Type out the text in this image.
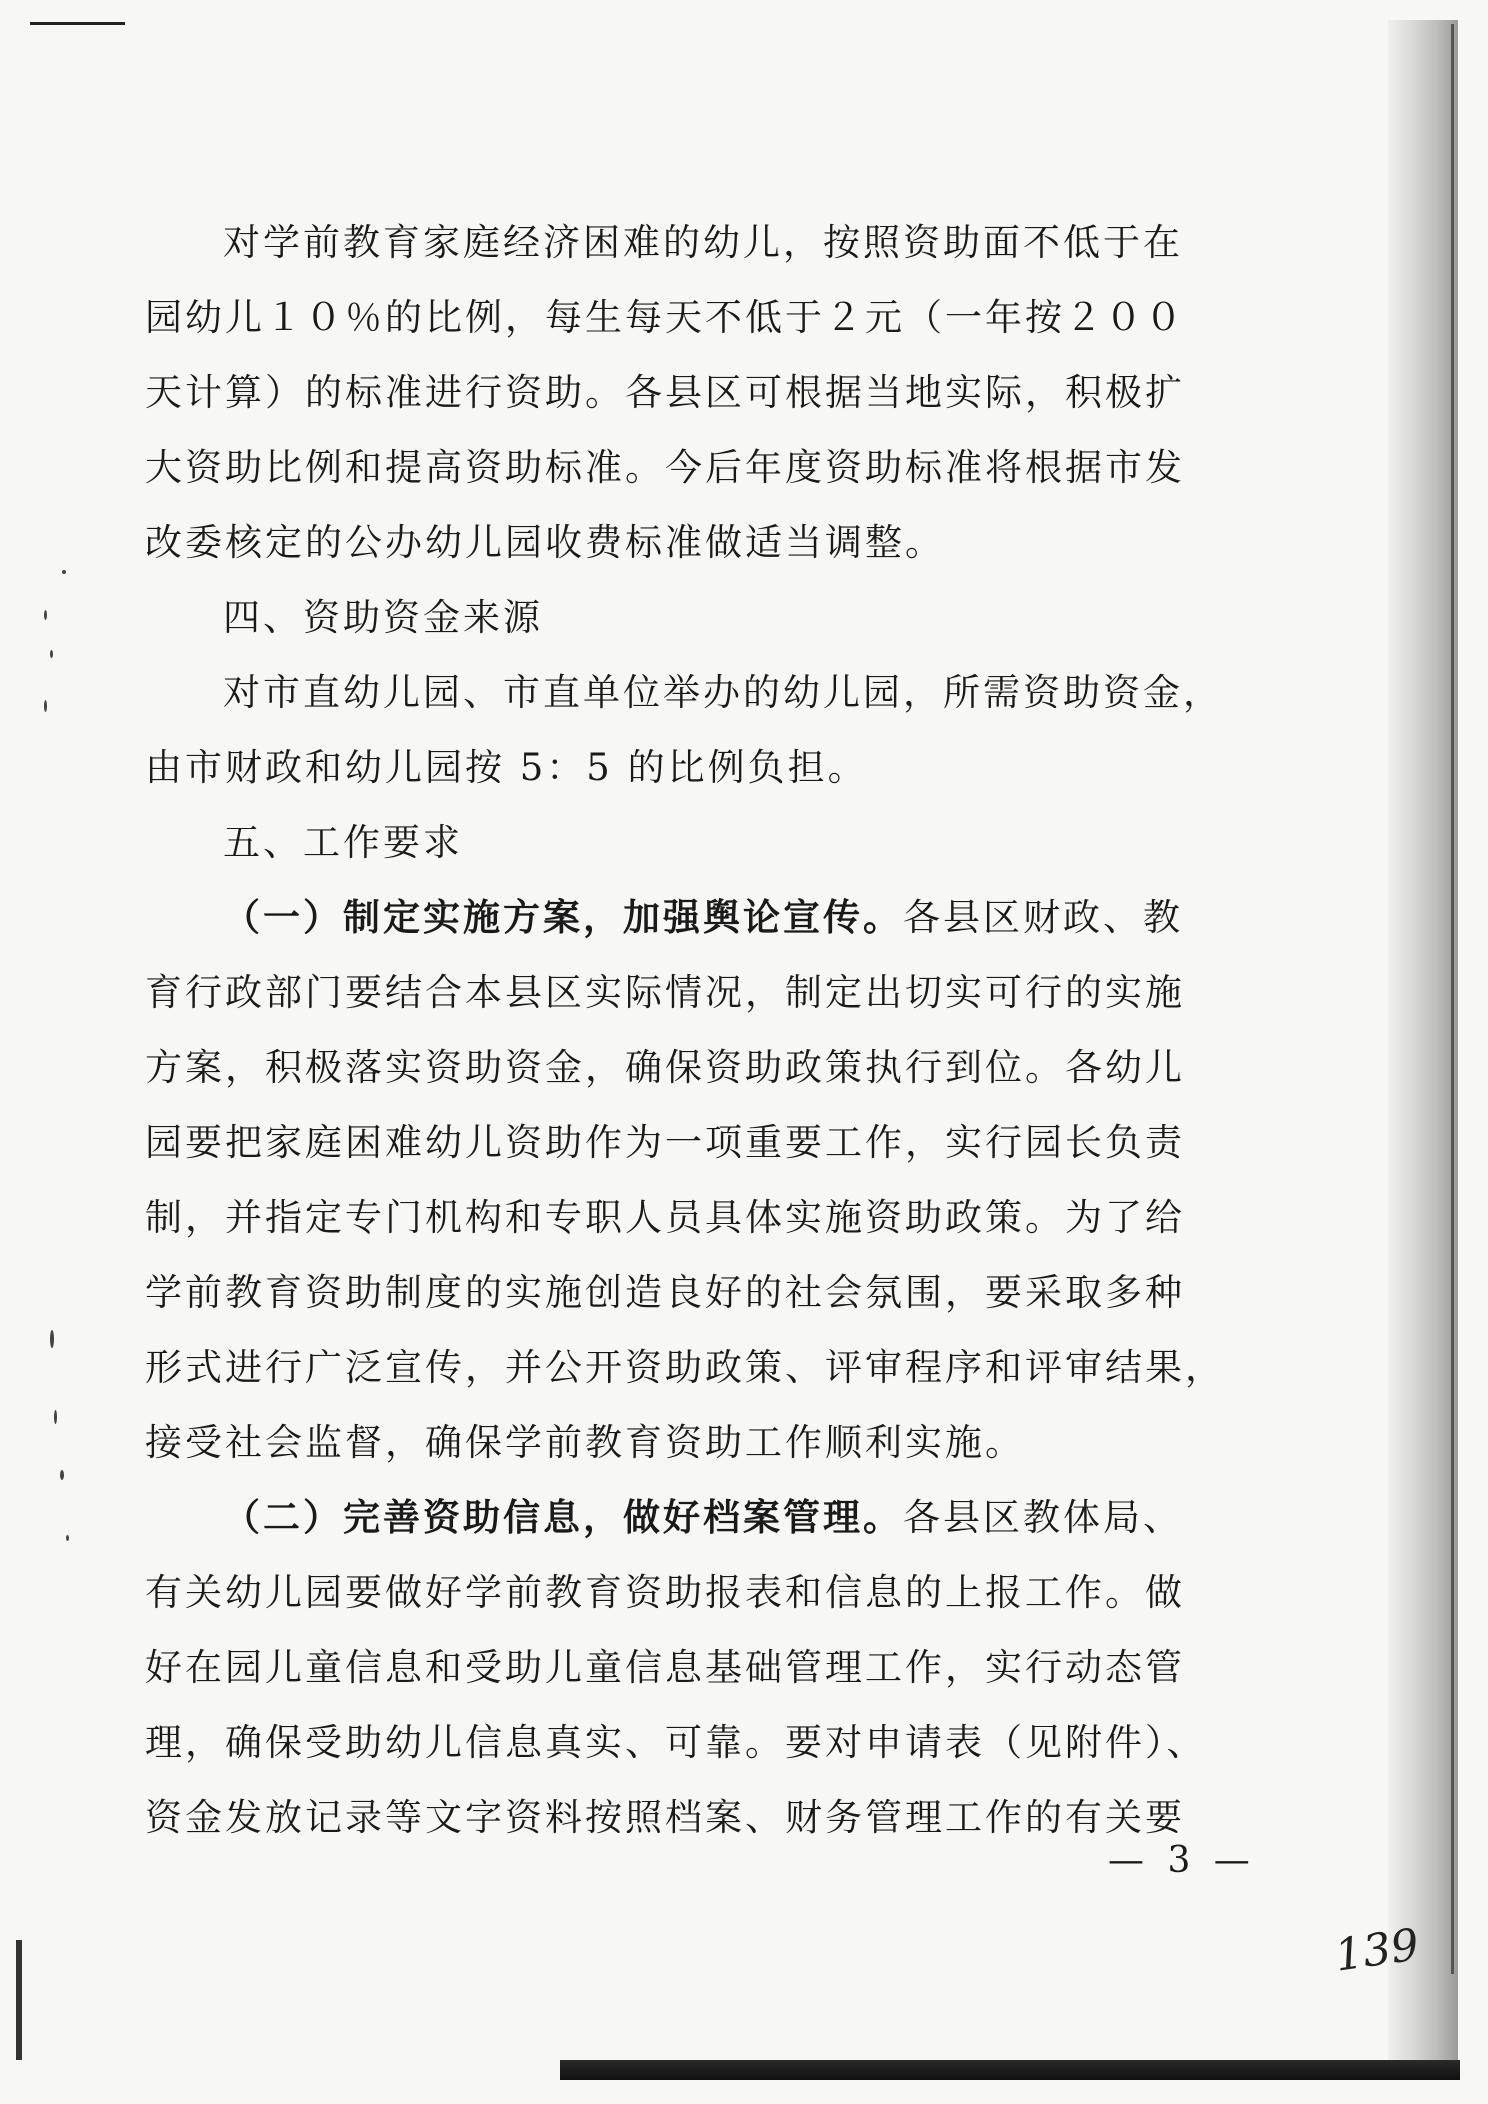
对学前教育家庭经济困难的幼儿，按照资助面不低于在
园幼儿１０％的比例，每生每天不低于２元（一年按２００
天计算）的标准进行资助。各县区可根据当地实际，积极扩
大资助比例和提高资助标准。今后年度资助标准将根据市发
改委核定的公办幼儿园收费标准做适当调整。
四、资助资金来源
对市直幼儿园、市直单位举办的幼儿园，所需资助资金，
由市财政和幼儿园按 5：5 的比例负担。
五、工作要求
（一）制定实施方案，加强舆论宣传。各县区财政、教
育行政部门要结合本县区实际情况，制定出切实可行的实施
方案，积极落实资助资金，确保资助政策执行到位。各幼儿
园要把家庭困难幼儿资助作为一项重要工作，实行园长负责
制，并指定专门机构和专职人员具体实施资助政策。为了给
学前教育资助制度的实施创造良好的社会氛围，要采取多种
形式进行广泛宣传，并公开资助政策、评审程序和评审结果，
接受社会监督，确保学前教育资助工作顺利实施。
（二）完善资助信息，做好档案管理。各县区教体局、
有关幼儿园要做好学前教育资助报表和信息的上报工作。做
好在园儿童信息和受助儿童信息基础管理工作，实行动态管
理，确保受助幼儿信息真实、可靠。要对申请表（见附件）、
资金发放记录等文字资料按照档案、财务管理工作的有关要
— 3 —
139
